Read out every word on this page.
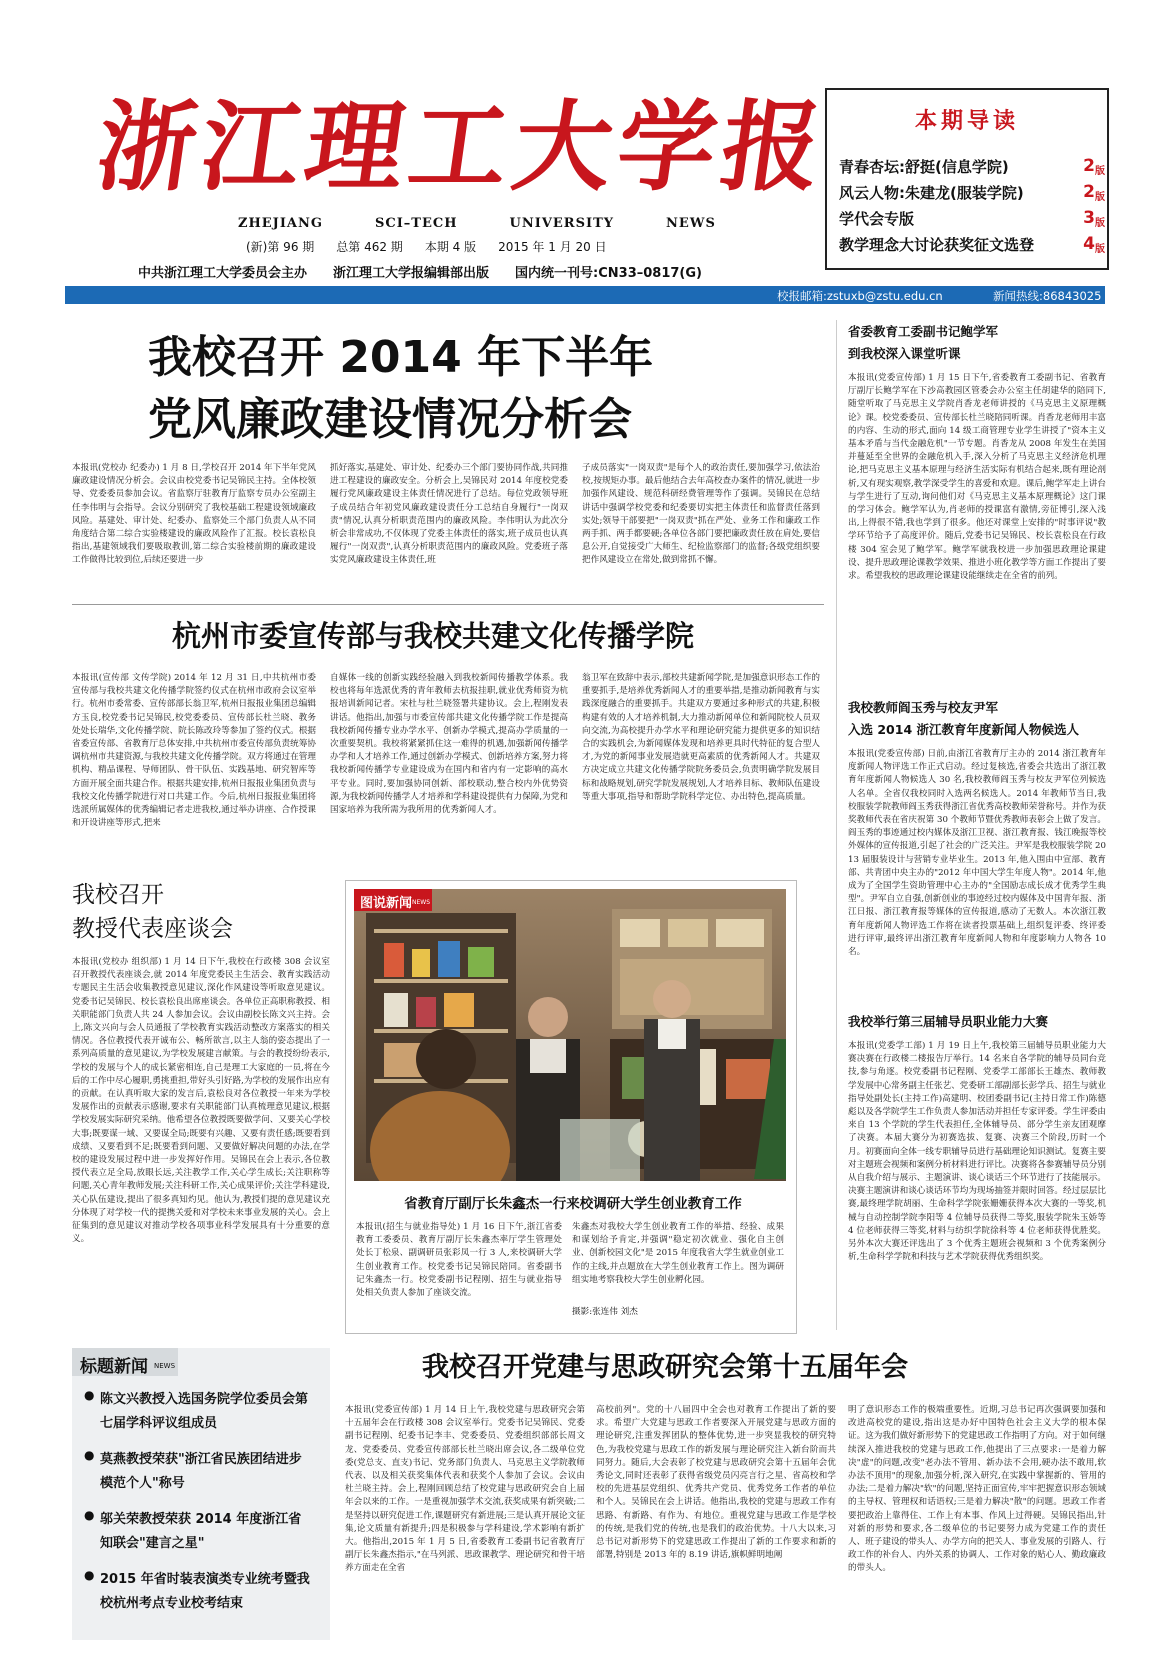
浙江理工大学报
ZHEJIANG	SCI–TECH	UNIVERSITY	NEWS
(新)第 96 期 总第 462 期 本期 4 版 2015 年 1 月 20 日
中共浙江理工大学委员会主办 浙江理工大学报编辑部出版 国内统一刊号:CN33–0817(G)
本期导读
青春杏坛:舒挺(信息学院)	2 版
风云人物:朱建龙(服装学院)	2 版
学代会专版	3 版
教学理念大讨论获奖征文选登	4 版
校报邮箱:zstuxb@zstu.edu.cn	新闻热线:86843025
我校召开 2014 年下半年
党风廉政建设情况分析会
本报讯(党校办 纪委办) 1 月 8 日,学校召开 2014 年下半年党风廉政建设情况分析会。会议由校党委书记吴锦民主持。全体校领导、党委委员参加会议。省监察厅驻教育厅监察专员办公室副主任李伟明与会指导。会议分别研究了我校基础工程建设领域廉政风险。基建处、审计处、纪委办、监察处三个部门负责人从不同角度结合第二综合实验楼建设的廉政风险作了汇报。校长袁松良指出,基建领域我们要吸取教训,第二综合实验楼前期的廉政建设工作做得比较到位,后续还要进一步
抓好落实,基建处、审计处、纪委办三个部门要协同作战,共同推进工程建设的廉政安全。分析会上,吴锦民对 2014 年度校党委履行党风廉政建设主体责任情况进行了总结。每位党政领导班子成员结合年初党风廉政建设责任分工总结自身履行"一岗双责"情况,认真分析职责范围内的廉政风险。李伟明认为此次分析会非常成功,不仅体现了党委主体责任的落实,班子成员也认真履行"一岗双责",认真分析职责范围内的廉政风险。党委班子落实党风廉政建设主体责任,班
子成员落实"一岗双责"是每个人的政治责任,要加强学习,依法治校,按规矩办事。最后他结合去年高校查办案件的情况,就进一步加强作风建设、规范科研经费管理等作了强调。吴锦民在总结讲话中强调学校党委和纪委要切实把主体责任和监督责任落到实处;领导干部要把"一岗双责"抓在严处、业务工作和廉政工作两手抓、两手都要硬;各单位各部门要把廉政责任放在肩处,要信息公开,自觉接受广大师生、纪检监察部门的监督;各级党组织要把作风建设立在常处,做到常抓不懈。
杭州市委宣传部与我校共建文化传播学院
本报讯(宣传部 文传学院) 2014 年 12 月 31 日,中共杭州市委宣传部与我校共建文化传播学院签约仪式在杭州市政府会议室举行。杭州市委常委、宣传部部长翁卫军,杭州日报报业集团总编辑方玉良,校党委书记吴锦民,校党委委员、宣传部长杜兰晓、教务处处长瑞华,文化传播学院、院长陈改玲等参加了签约仪式。根据省委宣传部、省教育厅总体安排,中共杭州市委宣传部负责统筹协调杭州市共建资源,与我校共建文化传播学院。双方将通过在管理机构、精品课程、导师团队、骨干队伍、实践基地、研究智库等方面开展全面共建合作。根据共建安排,杭州日报报业集团负责与我校文化传播学院进行对口共建工作。今后,杭州日报报业集团将选派所属媒体的优秀编辑记者走进我校,通过举办讲座、合作授课和开设讲座等形式,把来
自媒体一线的创新实践经验融入到我校新闻传播教学体系。我校也将每年选派优秀的青年教师去杭报挂职,就业优秀师资为杭报培训新闻记者。宋杜与杜兰晓签署共建协议。会上,程刚发表讲话。他指出,加强与市委宣传部共建文化传播学院工作是提高我校新闻传播专业办学水平、创新办学模式,提高办学质量的一次重要契机。我校将紧紧抓住这一难得的机遇,加强新闻传播学办学和人才培养工作,通过创新办学模式、创新培养方案,努力将我校新闻传播学专业建设成为在国内和省内有一定影响的高水平专业。同时,要加强协同创新、部校联动,整合校内外优势资源,为我校新闻传播学人才培养和学科建设提供有力保障,为党和国家培养为我所需为我所用的优秀新闻人才。
翁卫军在致辞中表示,部校共建新闻学院,是加强意识形态工作的重要抓手,是培养优秀新闻人才的重要举措,是推动新闻教育与实践深度融合的重要抓手。共建双方要通过多种形式的共建,积极构建有效的人才培养机制,大力推动新闻单位和新闻院校人员双向交流,为高校提升办学水平和理论研究能力提供更多的知识结合的实践机会,为新闻媒体发现和培养更具时代特征的复合型人才,为党的新闻事业发展造就更高素质的优秀新闻人才。共建双方决定成立共建文化传播学院院务委员会,负责明确学院发展目标和战略规划,研究学院发展规划,人才培养目标、教师队伍建设等重大事项,指导和帮助学院科学定位、办出特色,提高质量。
我校召开
教授代表座谈会
本报讯(党校办 组织部) 1 月 14 日下午,我校在行政楼 308 会议室召开教授代表座谈会,就 2014 年度党委民主生活会、教育实践活动专题民主生活会收集教授意见建议,深化作风建设等听取意见建议。党委书记吴锦民、校长袁松良出席座谈会。各单位正高职称教授、相关职能部门负责人共 24 人参加会议。会议由副校长陈文兴主持。会上,陈文兴向与会人员通报了学校教育实践活动整改方案落实的相关情况。各位教授代表开诚布公、畅所欲言,以主人翁的姿态提出了一系列高质量的意见建议,为学校发展建言献策。与会的教授纷纷表示,学校的发展与个人的成长紧密相连,自己是理工大家庭的一员,将在今后的工作中尽心履职,勇挑重担,带好头引好路,为学校的发展作出应有的贡献。在认真听取大家的发言后,袁松良对各位教授一年来为学校发展作出的贡献表示感谢,要求有关职能部门认真梳理意见建议,根据学校发展实际研究采纳。他希望各位教授既要做学问、又要关心学校大事;既要谋一域、又要谋全局;既要有兴趣、又要有责任感;既要看到成绩、又要看到不足;既要看到问题、又要做好解决问题的办法,在学校的建设发展过程中进一步发挥好作用。吴锦民在会上表示,各位教授代表立足全局,放眼长远,关注教学工作,关心学生成长;关注职称等问题,关心青年教师发展;关注科研工作,关心成果评价;关注学科建设,关心队伍建设,提出了很多真知灼见。他认为,教授们提的意见建议充分体现了对学校一代的提携关爱和对学校未来事业发展的关心。会上征集到的意见建议对推动学校各项事业科学发展具有十分重要的意义。
图说新闻 NEWS
省教育厅副厅长朱鑫杰一行来校调研大学生创业教育工作
本报讯(招生与就业指导处) 1 月 16 日下午,浙江省委教育工委委员、教育厅副厅长朱鑫杰率厅学生管理处处长丁松泉、副调研员张彩凤一行 3 人,来校调研大学生创业教育工作。校党委书记吴锦民陪同。省委副书记朱鑫杰一行。校党委副书记程刚、招生与就业指导处相关负责人参加了座谈交流。
朱鑫杰对我校大学生创业教育工作的举措、经验、成果和谋划给予肯定,并强调"稳定初次就业、强化自主创业、创新校园文化"是 2015 年度我省大学生就业创业工作的主线,并点题放在大学生创业教育工作上。图为调研组实地考察我校大学生创业孵化园。
摄影:张连伟 刘杰
我校召开党建与思政研究会第十五届年会
本报讯(党委宣传部) 1 月 14 日上午,我校党建与思政研究会第十五届年会在行政楼 308 会议室举行。党委书记吴锦民、党委副书记程刚、纪委书记李丰、党委委员、党委组织部部长周文龙、党委委员、党委宣传部部长杜兰晓出席会议,各二级单位党委(党总支、直支)书记、党务部门负责人、马克思主义学院教师代表、以及相关获奖集体代表和获奖个人参加了会议。会议由杜兰晓主持。会上,程刚回顾总结了校党建与思政研究会自上届年会以来的工作。一是重视加强学术交流,获奖成果有新突破;二是坚持以研究促进工作,课题研究有新进展;三是认真开展论文征集,论文质量有新提升;四是积极参与学科建设,学术影响有新扩大。他指出,2015 年 1 月 5 日,省委教育工委副书记省教育厅副厅长朱鑫杰指示,"在马列派、思政课教学、理论研究和骨干培养方面走在全省
高校前列"。党的十八届四中全会也对教育工作提出了新的要求。希望广大党建与思政工作者要深入开展党建与思政方面的理论研究,注重发挥团队的整体优势,进一步突显我校的研究特色,为我校党建与思政工作的新发展与理论研究注入新台阶而共同努力。随后,大会表彰了校党建与思政研究会第十五届年会优秀论文,同时还表彰了获得省级党员闪亮言行之星、省高校和学校的先进基层党组织、优秀共产党员、优秀党务工作者的单位和个人。吴锦民在会上讲话。他指出,我校的党建与思政工作有思路、有新路、有作为、有地位。重视党建与思政工作是学校的传统,是我们党的传统,也是我们的政治优势。十八大以来,习总书记对新形势下的党建思政工作提出了新的工作要求和新的部署,特别是 2013 年的 8.19 讲话,旗帜鲜明地阐
明了意识形态工作的极端重要性。近期,习总书记再次强调要加强和改进高校党的建设,指出这是办好中国特色社会主义大学的根本保证。这为我们做好新形势下的党建思政工作指明了方向。对于如何继续深入推进我校的党建与思政工作,他提出了三点要求:一是着力解决"虚"的问题,改变"老办法不管用、新办法不会用,硬办法不敢用,软办法不顶用"的现象,加强分析,深入研究,在实践中掌握新的、管用的办法;二是着力解决"软"的问题,坚持正面宣传,牢牢把握意识形态领域的主导权、管理权和话语权;三是着力解决"散"的问题。思政工作者要把政治上靠得住、工作上有本事、作风上过得硬。吴锦民指出,针对新的形势和要求,各二级单位的书记要努力成为党建工作的责任人、班子建设的带头人、办学方向的把关人、事业发展的引路人、行政工作的补台人、内外关系的协调人、工作对象的贴心人、勤政廉政的带头人。
标题新闻 NEWS
● 陈文兴教授入选国务院学位委员会第七届学科评议组成员
● 莫燕教授荣获"浙江省民族团结进步模范个人"称号
● 邬关荣教授荣获 2014 年度浙江省知联会"建言之星"
● 2015 年省时装表演类专业统考暨我校杭州考点专业校考结束
省委教育工委副书记鲍学军
到我校深入课堂听课
本报讯(党委宣传部) 1 月 15 日下午,省委教育工委副书记、省教育厅副厅长鲍学军在下沙高教园区管委会办公室主任胡建华的陪同下,随堂听取了马克思主义学院肖香龙老师讲授的《马克思主义原理概论》课。校党委委员、宣传部长杜兰晓陪同听课。肖香龙老师用丰富的内容、生动的形式,面向 14 级工商管理专业学生讲授了"资本主义基本矛盾与当代金融危机"一节专题。肖香龙从 2008 年发生在美国并蔓延至全世界的金融危机入手,深入分析了马克思主义经济危机理论,把马克思主义基本原理与经济生活实际有机结合起来,既有理论剖析,又有现实观察,教学深受学生的喜爱和欢迎。课后,鲍学军走上讲台与学生进行了互动,询问他们对《马克思主义基本原理概论》这门课的学习体会。鲍学军认为,肖老师的授课富有激情,旁征博引,深入浅出,上得很不错,我也学到了很多。他还对课堂上安排的"时事评说"教学环节给予了高度评价。随后,党委书记吴锦民、校长袁松良在行政楼 304 室会见了鲍学军。鲍学军就我校进一步加强思政理论课建设、提升思政理论课教学效果、推进小班化教学等方面工作提出了要求。希望我校的思政理论课建设能继续走在全省的前列。
我校教师阎玉秀与校友尹军
入选 2014 浙江教育年度新闻人物候选人
本报讯(党委宣传部) 日前,由浙江省教育厅主办的 2014 浙江教育年度新闻人物评选工作正式启动。经过复核选,省委会共选出了浙江教育年度新闻人物候选人 30 名,我校教师阎玉秀与校友尹军位列候选人名单。全省仅我校同时入选两名候选人。2014 年教师节当日,我校服装学院教师阎玉秀获得浙江省优秀高校教师荣誉称号。并作为获奖教师代表在省庆祝第 30 个教师节暨优秀教师表彰会上做了发言。阎玉秀的事迹通过校内媒体及浙江卫视、浙江教育报、钱江晚报等校外媒体的宣传报道,引起了社会的广泛关注。尹军是我校服装学院 2013 届服装设计与营销专业毕业生。2013 年,他入围由中宣部、教育部、共青团中央主办的"2012 年中国大学生年度人物"。2014 年,他成为了全国学生资助管理中心主办的"全国励志成长成才优秀学生典型"。尹军自立自强,创新创业的事迹经过校内媒体及中国青年报、浙江日报、浙江教育报等媒体的宣传报道,感动了无数人。本次浙江教育年度新闻人物评选工作将在读者投票基础上,组织复评委、终评委进行评审,最终评出浙江教育年度新闻人物和年度影响力人物各 10 名。
我校举行第三届辅导员职业能力大赛
本报讯(党委学工部) 1 月 19 日上午,我校第三届辅导员职业能力大赛决赛在行政楼二楼报告厅举行。14 名来自各学院的辅导员同台竞技,参与角逐。校党委副书记程刚、党委学工部部长王雄杰、教师教学发展中心常务副主任张艺、党委研工部副部长彭学兵、招生与就业指导处副处长(主持工作)高建明、校团委副书记(主持日常工作)陈德彪以及各学院学生工作负责人参加活动并担任专家评委。学生评委由来自 13 个学院的学生代表担任,全体辅导员、部分学生亲友团观摩了决赛。本届大赛分为初赛选拔、复赛、决赛三个阶段,历时一个月。初赛面向全体一线专职辅导员进行基础理论知识测试。复赛主要对主题班会视频和案例分析材料进行评比。决赛将各参赛辅导员分别从自我介绍与展示、主题演讲、谈心谈话三个环节进行了技能展示。决赛主题演讲和谈心谈话环节均为现场抽签并限时回答。经过层层比赛,最终理学院胡丽、生命科学学院张姗姗获得本次大赛的一等奖,机械与自动控制学院李阳等 4 位辅导员获得二等奖,服装学院朱玉娇等 4 位老师获得三等奖,材料与纺织学院徐科等 4 位老师获得优胜奖。另外本次大赛还评选出了 3 个优秀主题班会视频和 3 个优秀案例分析,生命科学学院和科技与艺术学院获得优秀组织奖。
